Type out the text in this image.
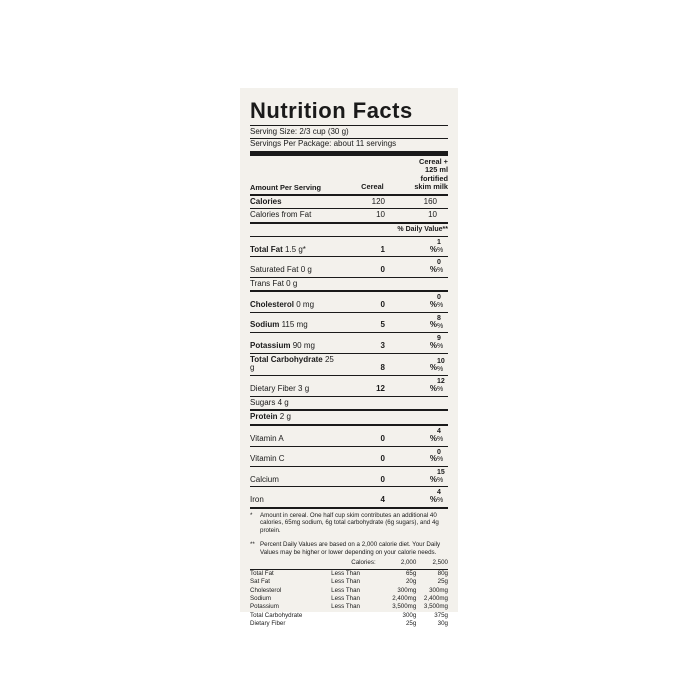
Nutrition Facts
Serving Size: 2/3 cup (30 g)
Servings Per Package: about 11 servings
Amount Per Serving	Cereal	Cereal +
125 ml
fortified
skim milk
Calories	120	160	
Calories from Fat	10	10	
	% Daily Value**
Total Fat 1.5 g*	1	%	1 %
Saturated Fat 0 g	0	%	0 %
Trans Fat 0 g			
Cholesterol 0 mg	0	%	0 %
Sodium 115 mg	5	%	8 %
Potassium 90 mg	3	%	9 %
Total Carbohydrate 25 g	8	%	10 %
Dietary Fiber 3 g	12	%	12 %
Sugars 4 g			
Protein 2 g			
Vitamin A	0	%	4 %
Vitamin C	0	%	0 %
Calcium	0	%	15 %
Iron	4	%	4 %
*	Amount in cereal. One half cup skim contributes an additional 40 calories, 65mg sodium, 6g total carbohydrate (6g sugars), and 4g protein.
** Percent Daily Values are based on a 2,000 calorie diet. Your Daily Values may be higher or lower depending on your calorie needs.
	Calories:	2,000	2,500
Total Fat	Less Than	65g	80g
Sat Fat	Less Than	20g	25g
Cholesterol	Less Than	300mg	300mg
Sodium	Less Than	2,400mg	2,400mg
Potassium	Less Than	3,500mg	3,500mg
Total Carbohydrate		300g	375g
Dietary Fiber		25g	30g
